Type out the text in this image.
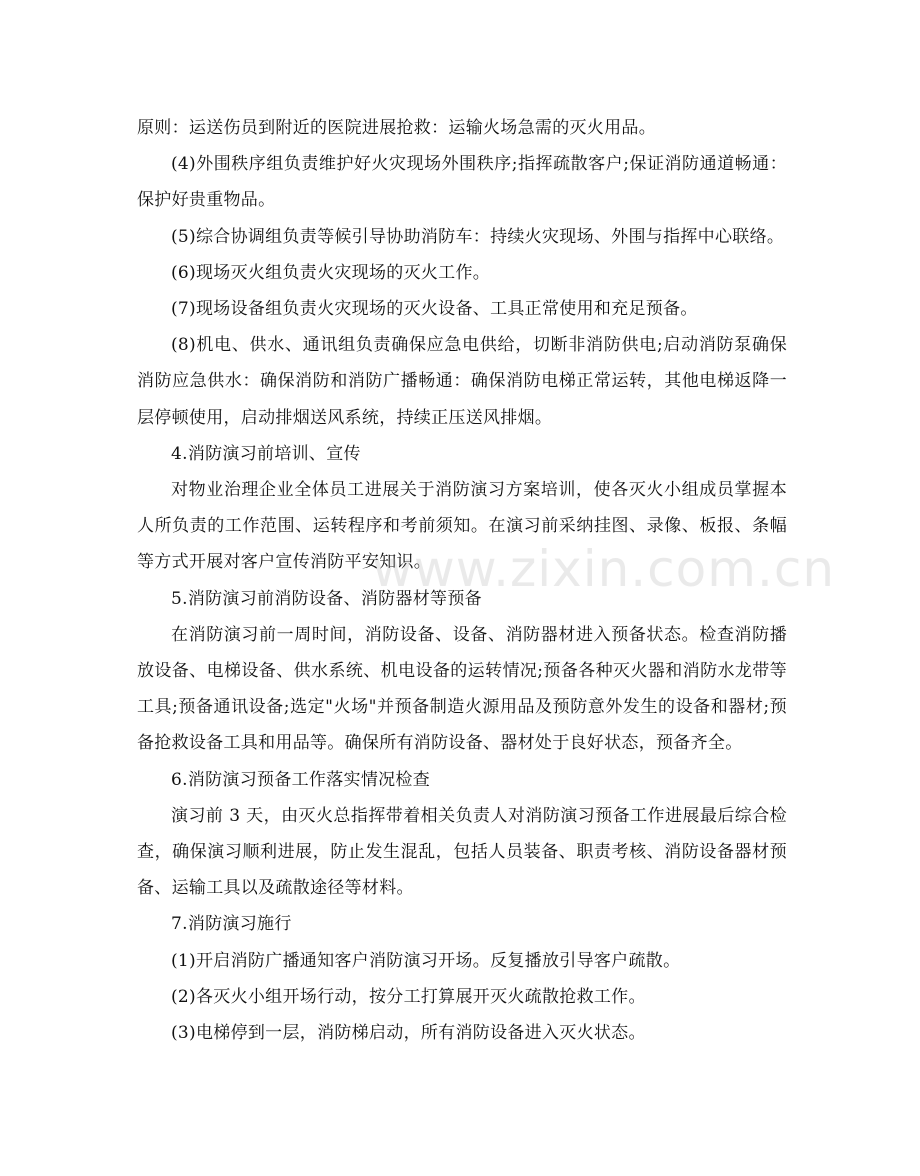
原则：运送伤员到附近的医院进展抢救：运输火场急需的灭火用品。

(4)外围秩序组负责维护好火灾现场外围秩序;指挥疏散客户;保证消防通道畅通：保护好贵重物品。

(5)综合协调组负责等候引导协助消防车：持续火灾现场、外围与指挥中心联络。

(6)现场灭火组负责火灾现场的灭火工作。

(7)现场设备组负责火灾现场的灭火设备、工具正常使用和充足预备。

(8)机电、供水、通讯组负责确保应急电供给，切断非消防供电;启动消防泵确保消防应急供水：确保消防和消防广播畅通：确保消防电梯正常运转，其他电梯返降一层停顿使用，启动排烟送风系统，持续正压送风排烟。

4.消防演习前培训、宣传

对物业治理企业全体员工进展关于消防演习方案培训，使各灭火小组成员掌握本人所负责的工作范围、运转程序和考前须知。在演习前采纳挂图、录像、板报、条幅等方式开展对客户宣传消防平安知识。

5.消防演习前消防设备、消防器材等预备

在消防演习前一周时间，消防设备、设备、消防器材进入预备状态。检查消防播放设备、电梯设备、供水系统、机电设备的运转情况;预备各种灭火器和消防水龙带等工具;预备通讯设备;选定"火场"并预备制造火源用品及预防意外发生的设备和器材;预备抢救设备工具和用品等。确保所有消防设备、器材处于良好状态，预备齐全。

6.消防演习预备工作落实情况检查

演习前 3 天，由灭火总指挥带着相关负责人对消防演习预备工作进展最后综合检查，确保演习顺利进展，防止发生混乱，包括人员装备、职责考核、消防设备器材预备、运输工具以及疏散途径等材料。

7.消防演习施行

(1)开启消防广播通知客户消防演习开场。反复播放引导客户疏散。

(2)各灭火小组开场行动，按分工打算展开灭火疏散抢救工作。

(3)电梯停到一层，消防梯启动，所有消防设备进入灭火状态。

www.zixin.com.cn
